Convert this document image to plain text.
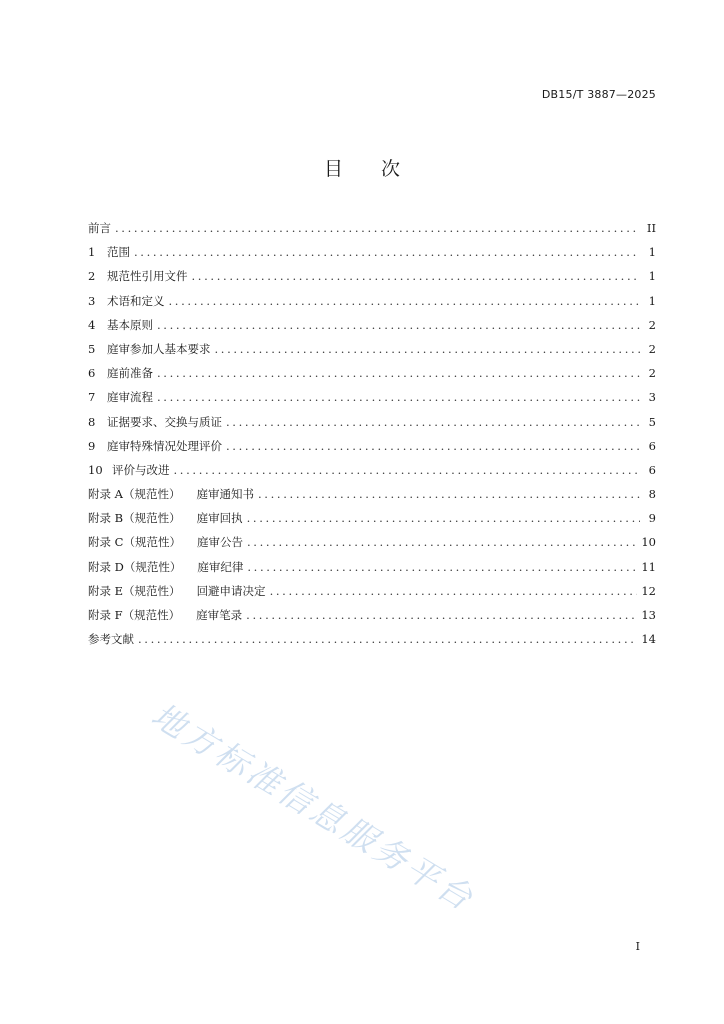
DB15/T 3887—2025
目 次
前言 . . .	II
1	范围 . . .	1
2	规范性引用文件 . . .	1
3	术语和定义 . . .	1
4	基本原则 . . .	2
5	庭审参加人基本要求 . . .	2
6	庭前准备 . . .	2
7	庭审流程 . . .	3
8	证据要求、交换与质证 . . .	5
9	庭审特殊情况处理评价 . . .	6
10 评价与改进 . . .	6
附录 A（规范性） 庭审通知书 . . .	8
附录 B（规范性） 庭审回执 . . .	9
附录 C（规范性） 庭审公告 . . .	10
附录 D（规范性） 庭审纪律 . . .	11
附录 E（规范性） 回避申请决定 . . .	12
附录 F（规范性） 庭审笔录 . . .	13
参考文献 . . .	14
地方标准信息服务平台
I
